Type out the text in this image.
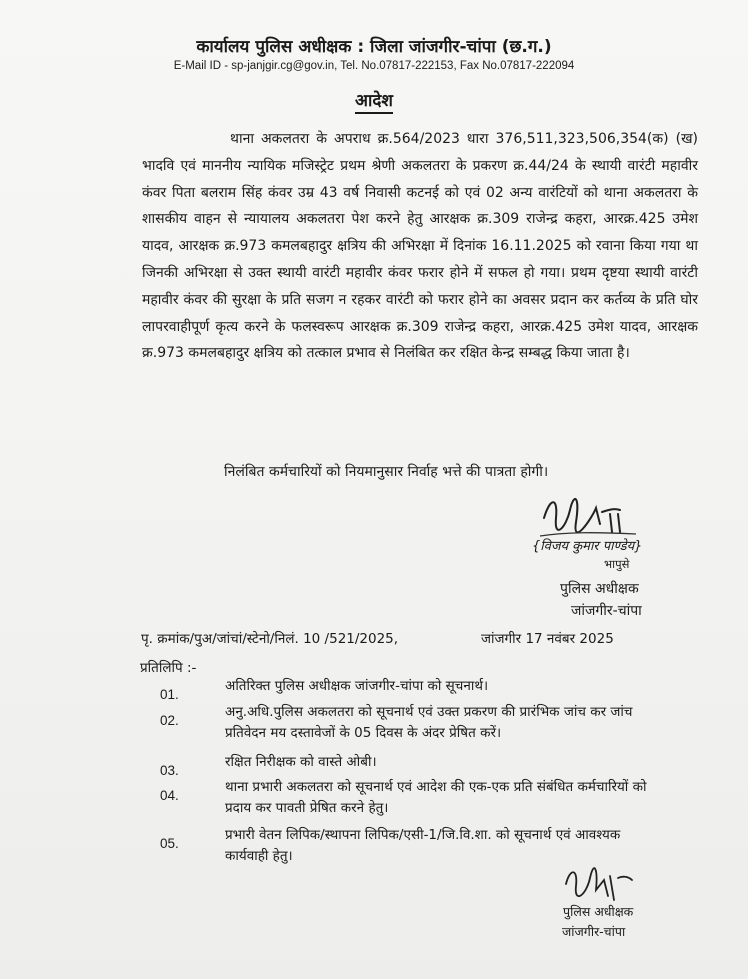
कार्यालय पुलिस अधीक्षक : जिला जांजगीर-चांपा (छ.ग.)
E-Mail ID - sp-janjgir.cg@gov.in, Tel. No.07817-222153, Fax No.07817-222094
आदेश

थाना अकलतरा के अपराध क्र.564/2023 धारा 376,511,323,506,354(क) (ख) भादवि एवं माननीय न्यायिक मजिस्ट्रेट प्रथम श्रेणी अकलतरा के प्रकरण क्र.44/24 के स्थायी वारंटी महावीर कंवर पिता बलराम सिंह कंवर उम्र 43 वर्ष निवासी कटनई को एवं 02 अन्य वारंटियों को थाना अकलतरा के शासकीय वाहन से न्यायालय अकलतरा पेश करने हेतु आरक्षक क्र.309 राजेन्द्र कहरा, आरक्र.425 उमेश यादव, आरक्षक क्र.973 कमलबहादुर क्षत्रिय की अभिरक्षा में दिनांक 16.11.2025 को रवाना किया गया था जिनकी अभिरक्षा से उक्त स्थायी वारंटी महावीर कंवर फरार होने में सफल हो गया। प्रथम दृष्टया स्थायी वारंटी महावीर कंवर की सुरक्षा के प्रति सजग न रहकर वारंटी को फरार होने का अवसर प्रदान कर कर्तव्य के प्रति घोर लापरवाहीपूर्ण कृत्य करने के फलस्वरूप आरक्षक क्र.309 राजेन्द्र कहरा, आरक्र.425 उमेश यादव, आरक्षक क्र.973 कमलबहादुर क्षत्रिय को तत्काल प्रभाव से निलंबित कर रक्षित केन्द्र सम्बद्ध किया जाता है।

निलंबित कर्मचारियों को नियमानुसार निर्वाह भत्ते की पात्रता होगी।

{विजय कुमार पाण्डेय}
भापुसे
पुलिस अधीक्षक
जांजगीर-चांपा
पृ. क्रमांक/पुअ/जांचां/स्टेनो/निलं. 10 /521/2025,	जांजगीर 17 नवंबर 2025
प्रतिलिपि :-
01.
अतिरिक्त पुलिस अधीक्षक जांजगीर-चांपा को सूचनार्थ।
02.
अनु.अधि.पुलिस अकलतरा को सूचनार्थ एवं उक्त प्रकरण की प्रारंभिक जांच कर जांच प्रतिवेदन मय दस्तावेजों के 05 दिवस के अंदर प्रेषित करें।
03.
रक्षित निरीक्षक को वास्ते ओबी।
04.
थाना प्रभारी अकलतरा को सूचनार्थ एवं आदेश की एक-एक प्रति संबंधित कर्मचारियों को प्रदाय कर पावती प्रेषित करने हेतु।
05.
प्रभारी वेतन लिपिक/स्थापना लिपिक/एसी-1/जि.वि.शा. को सूचनार्थ एवं आवश्यक कार्यवाही हेतु।
पुलिस अधीक्षक
जांजगीर-चांपा
